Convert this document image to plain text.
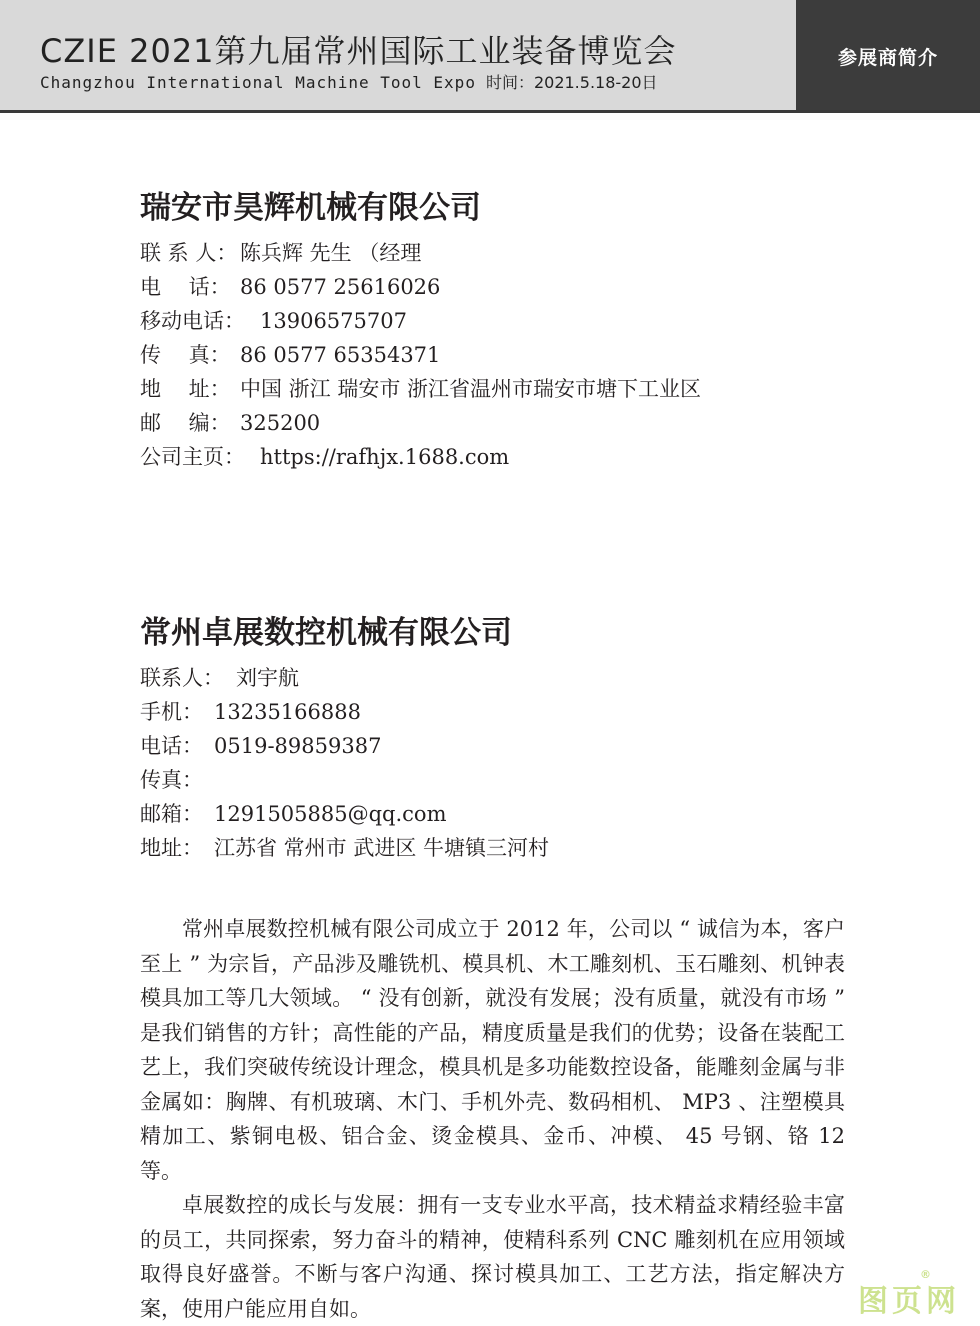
CZIE 2021第九届常州国际工业装备博览会
Changzhou International Machine Tool Expo 时间：2021.5.18-20日
参展商简介
瑞安市昊辉机械有限公司
联 系 人： 陈兵辉 先生 （经理
电　 话： 86 0577 25616026
移动电话： 13906575707
传　 真： 86 0577 65354371
地　 址： 中国 浙江 瑞安市 浙江省温州市瑞安市塘下工业区
邮　 编： 325200
公司主页： https://rafhjx.1688.com
常州卓展数控机械有限公司
联系人： 刘宇航
手机： 13235166888
电话： 0519-89859387
传真：
邮箱： 1291505885@qq.com
地址： 江苏省 常州市 武进区 牛塘镇三河村

常州卓展数控机械有限公司成立于 2012 年，公司以 “ 诚信为本，客户至上 ” 为宗旨，产品涉及雕铣机、模具机、木工雕刻机、玉石雕刻、机钟表模具加工等几大领域。 “ 没有创新，就没有发展；没有质量，就没有市场 ” 是我们销售的方针；高性能的产品，精度质量是我们的优势；设备在装配工艺上，我们突破传统设计理念，模具机是多功能数控设备，能雕刻金属与非金属如：胸牌、有机玻璃、木门、手机外壳、数码相机、 MP3 、注塑模具精加工、紫铜电极、铝合金、烫金模具、金币、冲模、 45 号钢、铬 12 等。

卓展数控的成长与发展：拥有一支专业水平高，技术精益求精经验丰富的员工，共同探索，努力奋斗的精神，使精科系列 CNC 雕刻机在应用领域取得良好盛誉。不断与客户沟通、探讨模具加工、工艺方法，指定解决方案，使用户能应用自如。	图页网
®
